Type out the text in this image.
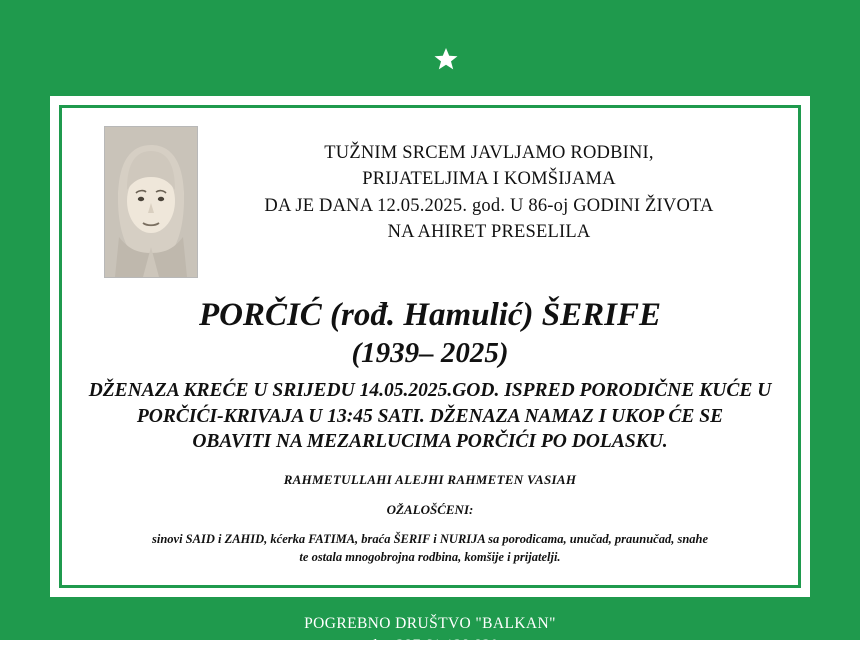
TUŽNIM SRCEM JAVLJAMO RODBINI,
PRIJATELJIMA I KOMŠIJAMA
DA JE DANA 12.05.2025. god. U 86-oj GODINI ŽIVOTA
NA AHIRET PRESELILA
PORČIĆ (rođ. Hamulić) ŠERIFE
(1939– 2025)
DŽENAZA KREĆE U SRIJEDU 14.05.2025.GOD. ISPRED PORODIČNE KUĆE U
PORČIĆI-KRIVAJA U 13:45 SATI. DŽENAZA NAMAZ I UKOP ĆE SE
OBAVITI NA MEZARLUCIMA PORČIĆI PO DOLASKU.
RAHMETULLAHI ALEJHI RAHMETEN VASIAH
OŽALOŠĆENI:
sinovi SAID i ZAHID, kćerka FATIMA, braća ŠERIF i NURIJA sa porodicama, unučad, praunučad, snahe
te ostala mnogobrojna rodbina, komšije i prijatelji.
POGREBNO DRUŠTVO "BALKAN"
tel: +387 61 138 820
